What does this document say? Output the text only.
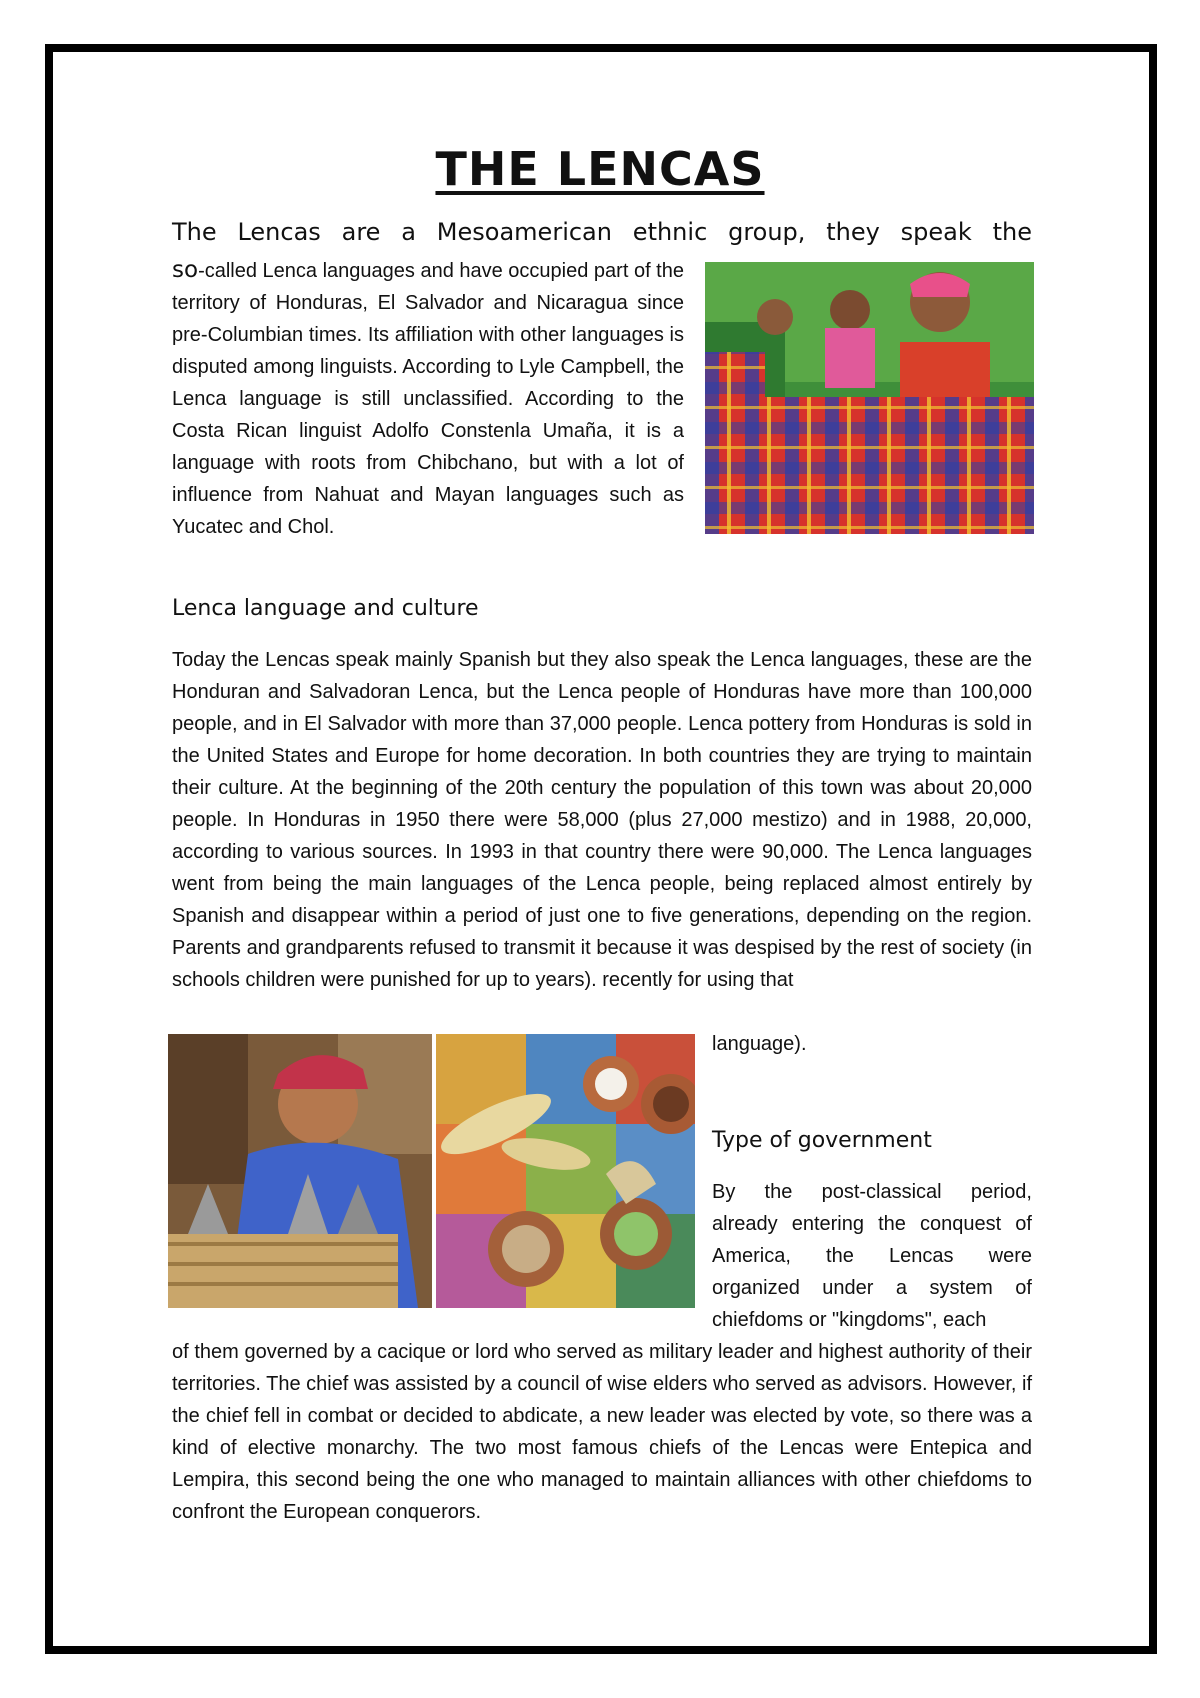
THE LENCAS

The Lencas are a Mesoamerican ethnic group, they speak the

so-called Lenca languages and have occupied part of the territory of Honduras, El Salvador and Nicaragua since pre-Columbian times. Its affiliation with other languages is disputed among linguists. According to Lyle Campbell, the Lenca language is still unclassified. According to the Costa Rican linguist Adolfo Constenla Umaña, it is a language with roots from Chibchano, but with a lot of influence from Nahuat and Mayan languages such as Yucatec and Chol.

Lenca language and culture

Today the Lencas speak mainly Spanish but they also speak the Lenca languages, these are the Honduran and Salvadoran Lenca, but the Lenca people of Honduras have more than 100,000 people, and in El Salvador with more than 37,000 people. Lenca pottery from Honduras is sold in the United States and Europe for home decoration. In both countries they are trying to maintain their culture. At the beginning of the 20th century the population of this town was about 20,000 people. In Honduras in 1950 there were 58,000 (plus 27,000 mestizo) and in 1988, 20,000, according to various sources. In 1993 in that country there were 90,000. The Lenca languages went from being the main languages of the Lenca people, being replaced almost entirely by Spanish and disappear within a period of just one to five generations, depending on the region. Parents and grandparents refused to transmit it because it was despised by the rest of society (in schools children were punished for up to years). recently for using that

language).

Type of government

By the post-classical period, already entering the conquest of America, the Lencas were organized under a system of chiefdoms or "kingdoms", each

of them governed by a cacique or lord who served as military leader and highest authority of their territories. The chief was assisted by a council of wise elders who served as advisors. However, if the chief fell in combat or decided to abdicate, a new leader was elected by vote, so there was a kind of elective monarchy. The two most famous chiefs of the Lencas were Entepica and Lempira, this second being the one who managed to maintain alliances with other chiefdoms to confront the European conquerors.
